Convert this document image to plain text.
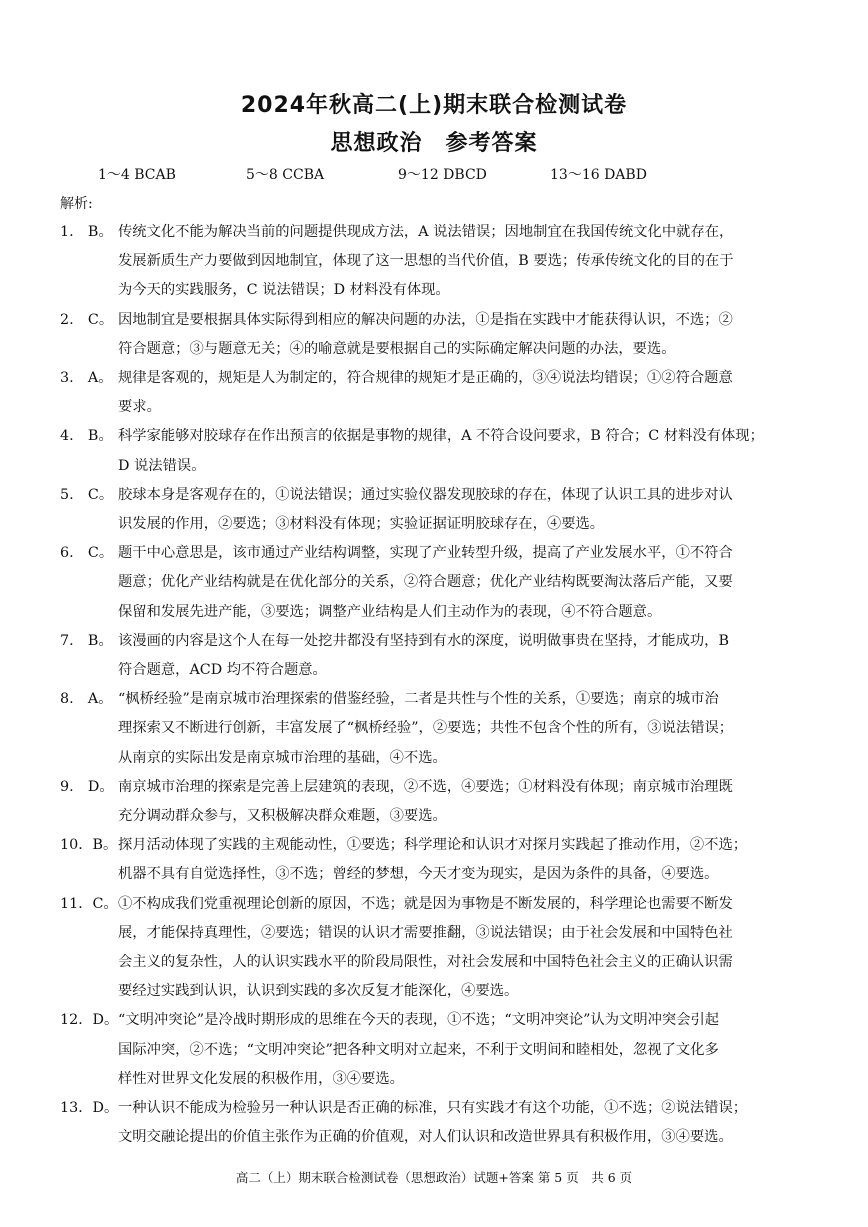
2024年秋高二(上)期末联合检测试卷
思想政治　参考答案
1～4 BCAB	5～8 CCBA	9～12 DBCD	13～16 DABD
解析:
1.　B。 传统文化不能为解决当前的问题提供现成方法，A 说法错误；因地制宜在我国传统文化中就存在，
发展新质生产力要做到因地制宜，体现了这一思想的当代价值，B 要选；传承传统文化的目的在于
为今天的实践服务，C 说法错误；D 材料没有体现。
2.　C。 因地制宜是要根据具体实际得到相应的解决问题的办法，①是指在实践中才能获得认识，不选；②
符合题意；③与题意无关；④的喻意就是要根据自己的实际确定解决问题的办法，要选。
3.　A。 规律是客观的，规矩是人为制定的，符合规律的规矩才是正确的，③④说法均错误；①②符合题意
要求。
4.　B。 科学家能够对胶球存在作出预言的依据是事物的规律，A 不符合设问要求，B 符合；C 材料没有体现；
D 说法错误。
5.　C。 胶球本身是客观存在的，①说法错误；通过实验仪器发现胶球的存在，体现了认识工具的进步对认
识发展的作用，②要选；③材料没有体现；实验证据证明胶球存在，④要选。
6.　C。 题干中心意思是，该市通过产业结构调整，实现了产业转型升级，提高了产业发展水平，①不符合
题意；优化产业结构就是在优化部分的关系，②符合题意；优化产业结构既要淘汰落后产能，又要
保留和发展先进产能，③要选；调整产业结构是人们主动作为的表现，④不符合题意。
7.　B。 该漫画的内容是这个人在每一处挖井都没有坚持到有水的深度，说明做事贵在坚持，才能成功，B
符合题意，ACD 均不符合题意。
8.　A。 “枫桥经验”是南京城市治理探索的借鉴经验，二者是共性与个性的关系，①要选；南京的城市治
理探索又不断进行创新，丰富发展了“枫桥经验”，②要选；共性不包含个性的所有，③说法错误；
从南京的实际出发是南京城市治理的基础，④不选。
9.　D。 南京城市治理的探索是完善上层建筑的表现，②不选，④要选；①材料没有体现；南京城市治理既
充分调动群众参与，又积极解决群众难题，③要选。
10．B。 探月活动体现了实践的主观能动性，①要选；科学理论和认识才对探月实践起了推动作用，②不选；
机器不具有自觉选择性，③不选；曾经的梦想，今天才变为现实，是因为条件的具备，④要选。
11．C。 ①不构成我们党重视理论创新的原因，不选；就是因为事物是不断发展的，科学理论也需要不断发
展，才能保持真理性，②要选；错误的认识才需要推翻，③说法错误；由于社会发展和中国特色社
会主义的复杂性，人的认识实践水平的阶段局限性，对社会发展和中国特色社会主义的正确认识需
要经过实践到认识，认识到实践的多次反复才能深化，④要选。
12．D。 “文明冲突论”是冷战时期形成的思维在今天的表现，①不选；“文明冲突论”认为文明冲突会引起
国际冲突，②不选；“文明冲突论”把各种文明对立起来，不利于文明间和睦相处，忽视了文化多
样性对世界文化发展的积极作用，③④要选。
13．D。 一种认识不能成为检验另一种认识是否正确的标准，只有实践才有这个功能，①不选；②说法错误；
文明交融论提出的价值主张作为正确的价值观，对人们认识和改造世界具有积极作用，③④要选。
高二（上）期末联合检测试卷（思想政治）试题+答案 第 5 页　共 6 页
